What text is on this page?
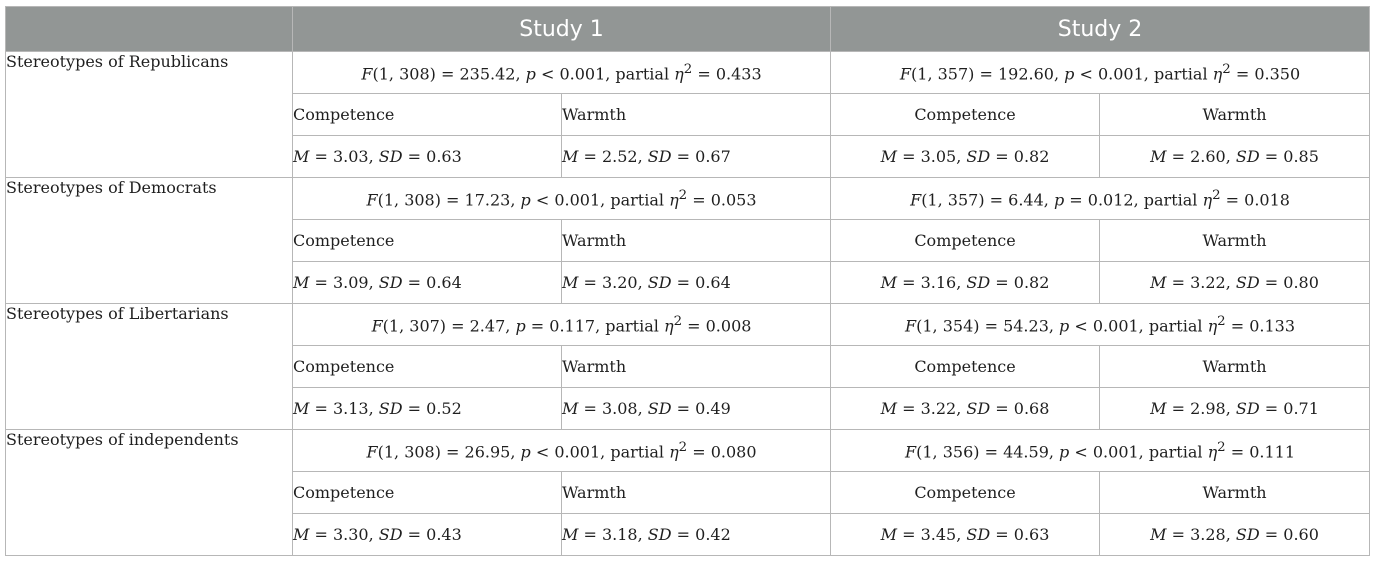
	Study 1		Study 2	
Stereotypes of Republicans	F(1, 308) = 235.42, p < 0.001, partial $\eta^2 = 0.433$		F(1, 357) = 192.60, p < 0.001, partial $\eta^2 = 0.350$	
	Competence	Warmth	Competence	Warmth
	M = 3.03, SD = 0.63	M = 2.52, SD = 0.67	M = 3.05, SD = 0.82	M = 2.60, SD = 0.85
Stereotypes of Democrats	F(1, 308) = 17.23, p < 0.001, partial $\eta^2 = 0.053$		F(1, 357) = 6.44, p = 0.012, partial $\eta^2 = 0.018$	
	Competence	Warmth	Competence	Warmth
	M = 3.09, SD = 0.64	M = 3.20, SD = 0.64	M = 3.16, SD = 0.82	M = 3.22, SD = 0.80
Stereotypes of Libertarians	F(1, 307) = 2.47, p = 0.117, partial $\eta^2 = 0.008$		F(1, 354) = 54.23, p < 0.001, partial $\eta^2 = 0.133$	
	Competence	Warmth	Competence	Warmth
	M = 3.13, SD = 0.52	M = 3.08, SD = 0.49	M = 3.22, SD = 0.68	M = 2.98, SD = 0.71
Stereotypes of independents	F(1, 308) = 26.95, p < 0.001, partial $\eta^2 = 0.080$		F(1, 356) = 44.59, p < 0.001, partial $\eta^2 = 0.111$	
	Competence	Warmth	Competence	Warmth
	M = 3.30, SD = 0.43	M = 3.18, SD = 0.42	M = 3.45, SD = 0.63	M = 3.28, SD = 0.60
